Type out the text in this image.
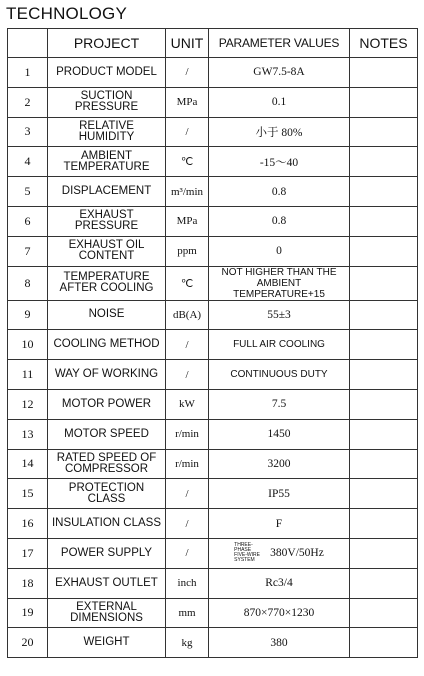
TECHNOLOGY
	PROJECT	UNIT	PARAMETER VALUES	NOTES
1	PRODUCT MODEL	/	GW7.5-8A	
2	SUCTION PRESSURE	MPa	0.1	
3	RELATIVE HUMIDITY	/	小于 80%	
4	AMBIENT TEMPERATURE	℃	-15～40	
5	DISPLACEMENT	m³/min	0.8	
6	EXHAUST PRESSURE	MPa	0.8	
7	EXHAUST OIL CONTENT	ppm	0	
8	TEMPERATURE AFTER COOLING	℃	NOT HIGHER THAN THE AMBIENT TEMPERATURE+15	
9	NOISE	dB(A)	55±3	
10	COOLING METHOD	/	FULL AIR COOLING	
11	WAY OF WORKING	/	CONTINUOUS DUTY	
12	MOTOR POWER	kW	7.5	
13	MOTOR SPEED	r/min	1450	
14	RATED SPEED OF COMPRESSOR	r/min	3200	
15	PROTECTION CLASS	/	IP55	
16	INSULATION CLASS	/	F	
17	POWER SUPPLY	/	THREE-PHASE FIVE-WIRE SYSTEM380V/50Hz	
18	EXHAUST OUTLET	inch	Rc3/4	
19	EXTERNAL DIMENSIONS	mm	870×770×1230	
20	WEIGHT	kg	380	
